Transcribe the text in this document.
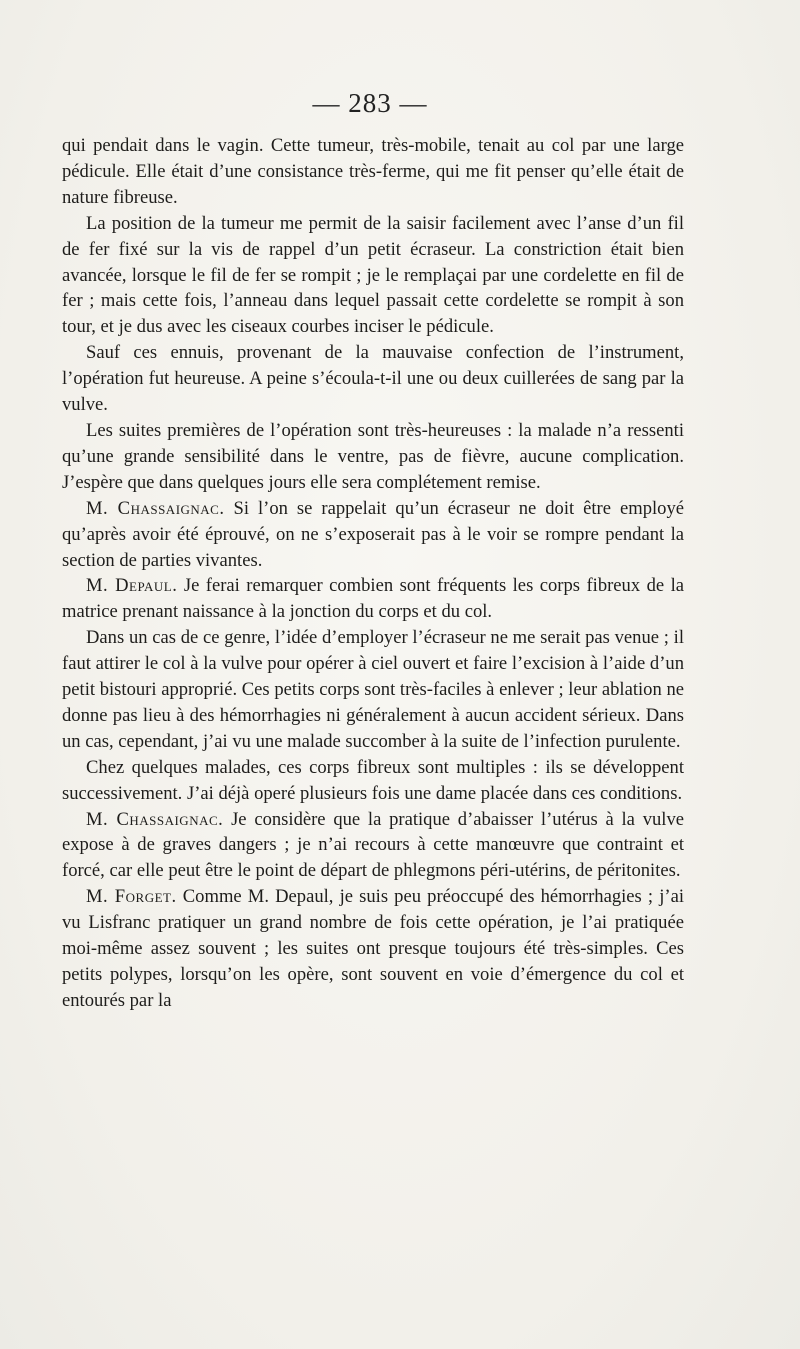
— 283 —

qui pendait dans le vagin. Cette tumeur, très-mobile, tenait au col par une large pédicule. Elle était d’une consistance très-ferme, qui me fit penser qu’elle était de nature fibreuse.

La position de la tumeur me permit de la saisir facilement avec l’anse d’un fil de fer fixé sur la vis de rappel d’un petit écraseur. La constriction était bien avancée, lorsque le fil de fer se rompit ; je le remplaçai par une cordelette en fil de fer ; mais cette fois, l’anneau dans lequel passait cette cordelette se rompit à son tour, et je dus avec les ciseaux courbes inciser le pédicule.

Sauf ces ennuis, provenant de la mauvaise confection de l’instrument, l’opération fut heureuse. A peine s’écoula-t-il une ou deux cuillerées de sang par la vulve.

Les suites premières de l’opération sont très-heureuses : la malade n’a ressenti qu’une grande sensibilité dans le ventre, pas de fièvre, aucune complication. J’espère que dans quelques jours elle sera complétement remise.

M. Chassaignac. Si l’on se rappelait qu’un écraseur ne doit être employé qu’après avoir été éprouvé, on ne s’exposerait pas à le voir se rompre pendant la section de parties vivantes.

M. Depaul. Je ferai remarquer combien sont fréquents les corps fibreux de la matrice prenant naissance à la jonction du corps et du col.

Dans un cas de ce genre, l’idée d’employer l’écraseur ne me serait pas venue ; il faut attirer le col à la vulve pour opérer à ciel ouvert et faire l’excision à l’aide d’un petit bistouri approprié. Ces petits corps sont très-faciles à enlever ; leur ablation ne donne pas lieu à des hémorrhagies ni généralement à aucun accident sérieux. Dans un cas, cependant, j’ai vu une malade succomber à la suite de l’infection purulente.

Chez quelques malades, ces corps fibreux sont multiples : ils se développent successivement. J’ai déjà operé plusieurs fois une dame placée dans ces conditions.

M. Chassaignac. Je considère que la pratique d’abaisser l’utérus à la vulve expose à de graves dangers ; je n’ai recours à cette manœuvre que contraint et forcé, car elle peut être le point de départ de phlegmons péri-utérins, de péritonites.

M. Forget. Comme M. Depaul, je suis peu préoccupé des hémorrhagies ; j’ai vu Lisfranc pratiquer un grand nombre de fois cette opération, je l’ai pratiquée moi-même assez souvent ; les suites ont presque toujours été très-simples. Ces petits polypes, lorsqu’on les opère, sont souvent en voie d’émergence du col et entourés par la
